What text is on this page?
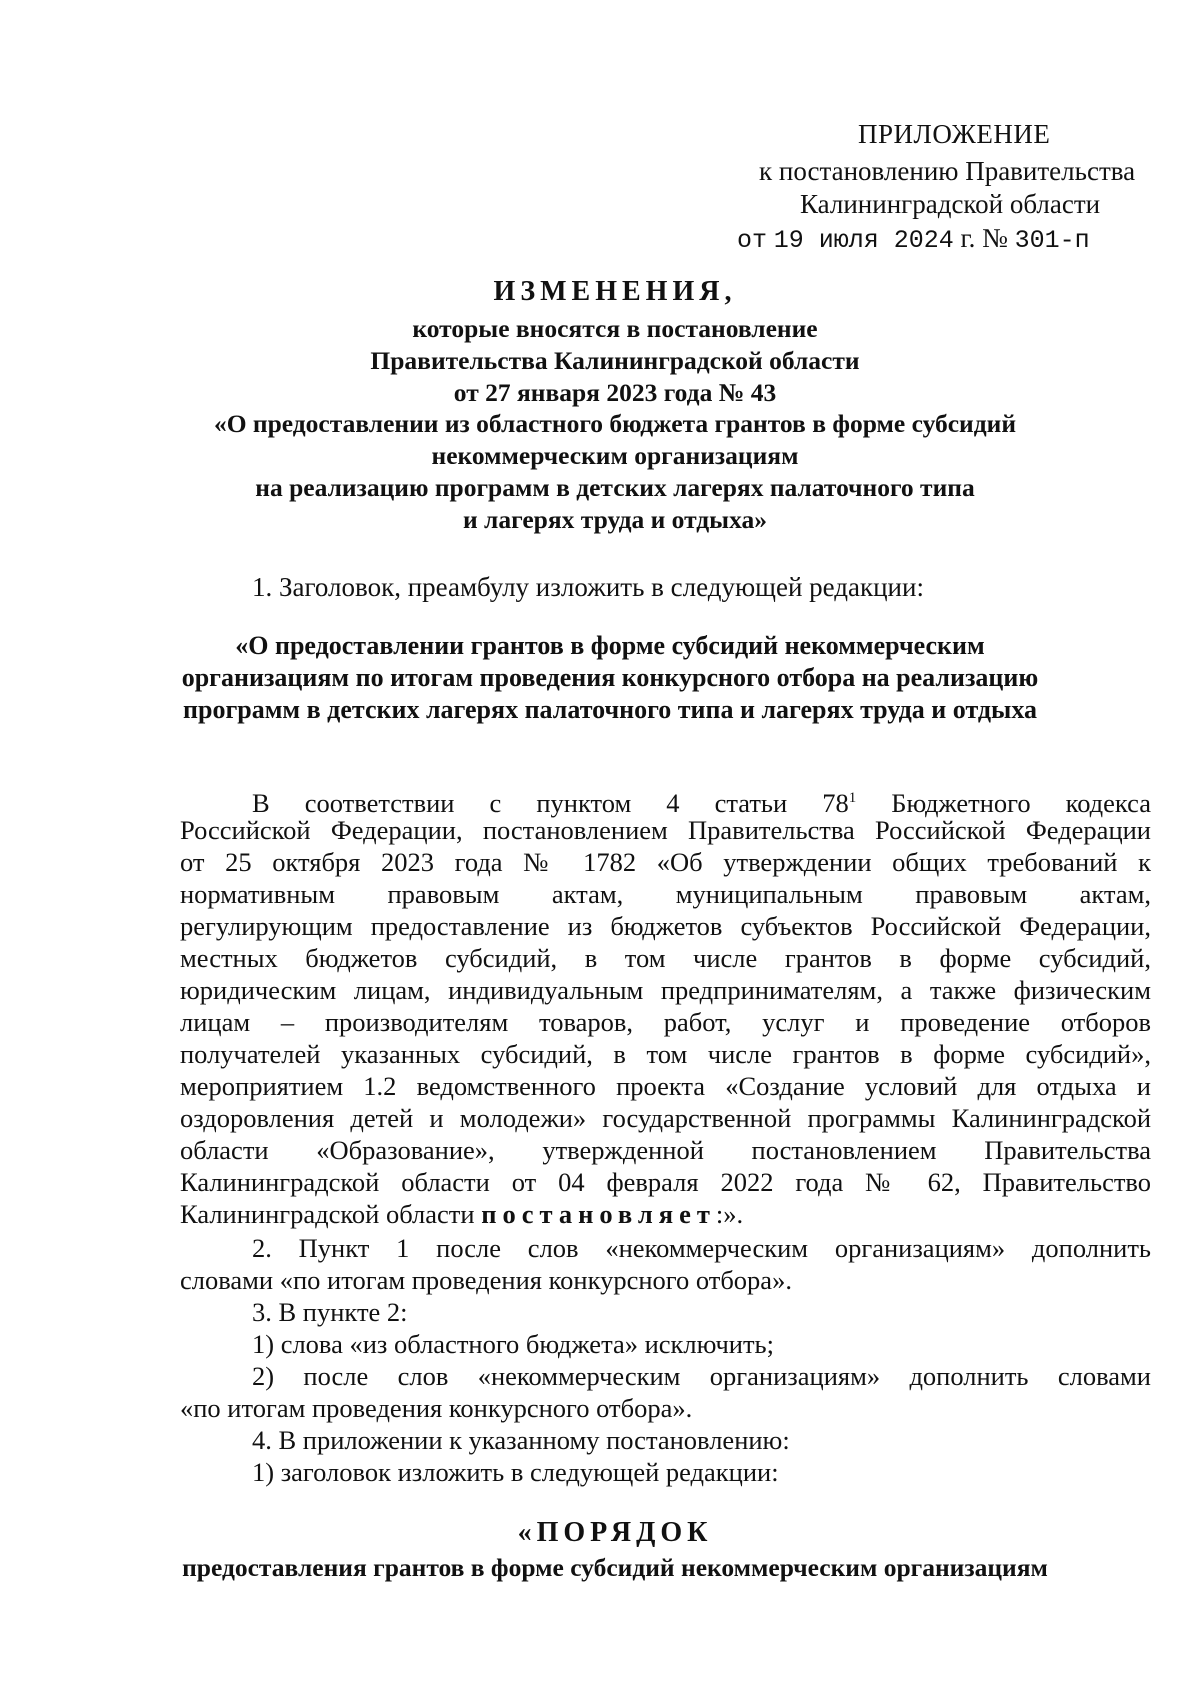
ПРИЛОЖЕНИЕ
к постановлению Правительства
Калининградской области
от 19 июля 2024 г. № 301-п
ИЗМЕНЕНИЯ,
которые вносятся в постановление
Правительства Калининградской области
от 27 января 2023 года № 43
«О предоставлении из областного бюджета грантов в форме субсидий
некоммерческим организациям
на реализацию программ в детских лагерях палаточного типа
и лагерях труда и отдыха»
1. Заголовок, преамбулу изложить в следующей редакции:
«О предоставлении грантов в форме субсидий некоммерческим
организациям по итогам проведения конкурсного отбора на реализацию
программ в детских лагерях палаточного типа и лагерях труда и отдыха
В соответствии с пунктом 4 статьи $78^1$ Бюджетного кодекса
Российской Федерации, постановлением Правительства Российской Федерации
от 25 октября 2023 года № 1782 «Об утверждении общих требований к
нормативным правовым актам, муниципальным правовым актам,
регулирующим предоставление из бюджетов субъектов Российской Федерации,
местных бюджетов субсидий, в том числе грантов в форме субсидий,
юридическим лицам, индивидуальным предпринимателям, а также физическим
лицам – производителям товаров, работ, услуг и проведение отборов
получателей указанных субсидий, в том числе грантов в форме субсидий»,
мероприятием 1.2 ведомственного проекта «Создание условий для отдыха и
оздоровления детей и молодежи» государственной программы Калининградской
области «Образование», утвержденной постановлением Правительства
Калининградской области от 04 февраля 2022 года № 62, Правительство
Калининградской области постановляет:».
2. Пункт 1 после слов «некоммерческим организациям» дополнить
словами «по итогам проведения конкурсного отбора».
3. В пункте 2:
1) слова «из областного бюджета» исключить;
2) после слов «некоммерческим организациям» дополнить словами
«по итогам проведения конкурсного отбора».
4. В приложении к указанному постановлению:
1) заголовок изложить в следующей редакции:
«ПОРЯДОК
предоставления грантов в форме субсидий некоммерческим организациям
